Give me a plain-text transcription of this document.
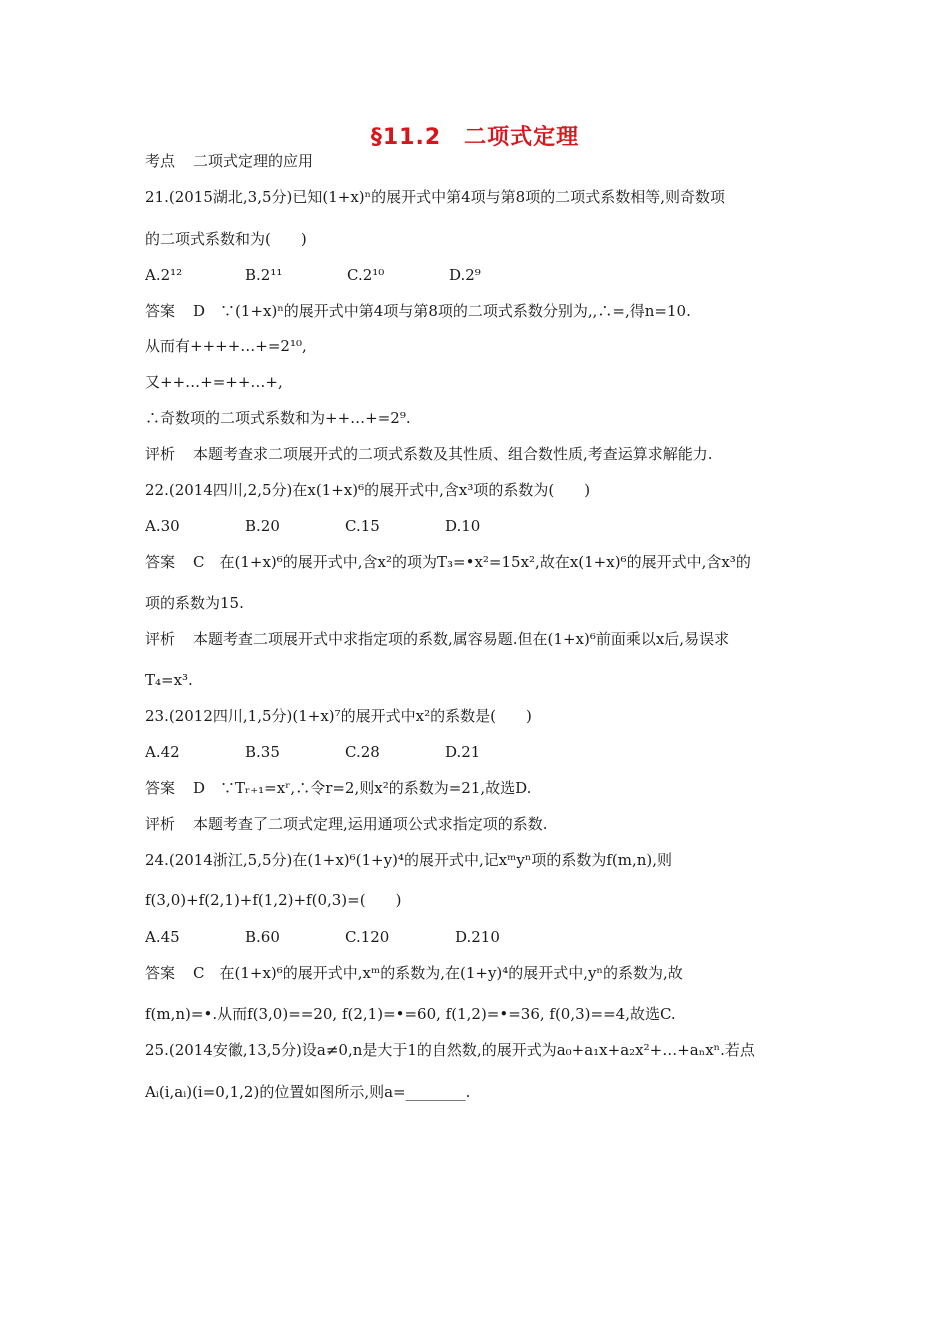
§11.2　二项式定理
考点 二项式定理的应用
21.(2015湖北,3,5分)已知(1+x)ⁿ的展开式中第4项与第8项的二项式系数相等,则奇数项
的二项式系数和为(　　)
A.2¹²	B.2¹¹	C.2¹⁰	D.2⁹
答案 D　∵(1+x)ⁿ的展开式中第4项与第8项的二项式系数分别为,,∴=,得n=10.
从而有++++…+=2¹⁰,
又++…+=++…+,
∴奇数项的二项式系数和为++…+=2⁹.
评析 本题考查求二项展开式的二项式系数及其性质、组合数性质,考查运算求解能力.
22.(2014四川,2,5分)在x(1+x)⁶的展开式中,含x³项的系数为(　　)
A.30	B.20	C.15	D.10
答案 C　在(1+x)⁶的展开式中,含x²的项为T₃=•x²=15x²,故在x(1+x)⁶的展开式中,含x³的
项的系数为15.
评析 本题考查二项展开式中求指定项的系数,属容易题.但在(1+x)⁶前面乘以x后,易误求
T₄=x³.
23.(2012四川,1,5分)(1+x)⁷的展开式中x²的系数是(　　)
A.42	B.35	C.28	D.21
答案 D　∵Tᵣ₊₁=xʳ,∴令r=2,则x²的系数为=21,故选D.
评析 本题考查了二项式定理,运用通项公式求指定项的系数.
24.(2014浙江,5,5分)在(1+x)⁶(1+y)⁴的展开式中,记xᵐyⁿ项的系数为f(m,n),则
f(3,0)+f(2,1)+f(1,2)+f(0,3)=(　　)
A.45	B.60	C.120	D.210
答案 C　在(1+x)⁶的展开式中,xᵐ的系数为,在(1+y)⁴的展开式中,yⁿ的系数为,故
f(m,n)=•.从而f(3,0)==20, f(2,1)=•=60, f(1,2)=•=36, f(0,3)==4,故选C.
25.(2014安徽,13,5分)设a≠0,n是大于1的自然数,的展开式为a₀+a₁x+a₂x²+…+aₙxⁿ.若点
Aᵢ(i,aᵢ)(i=0,1,2)的位置如图所示,则a=________.
